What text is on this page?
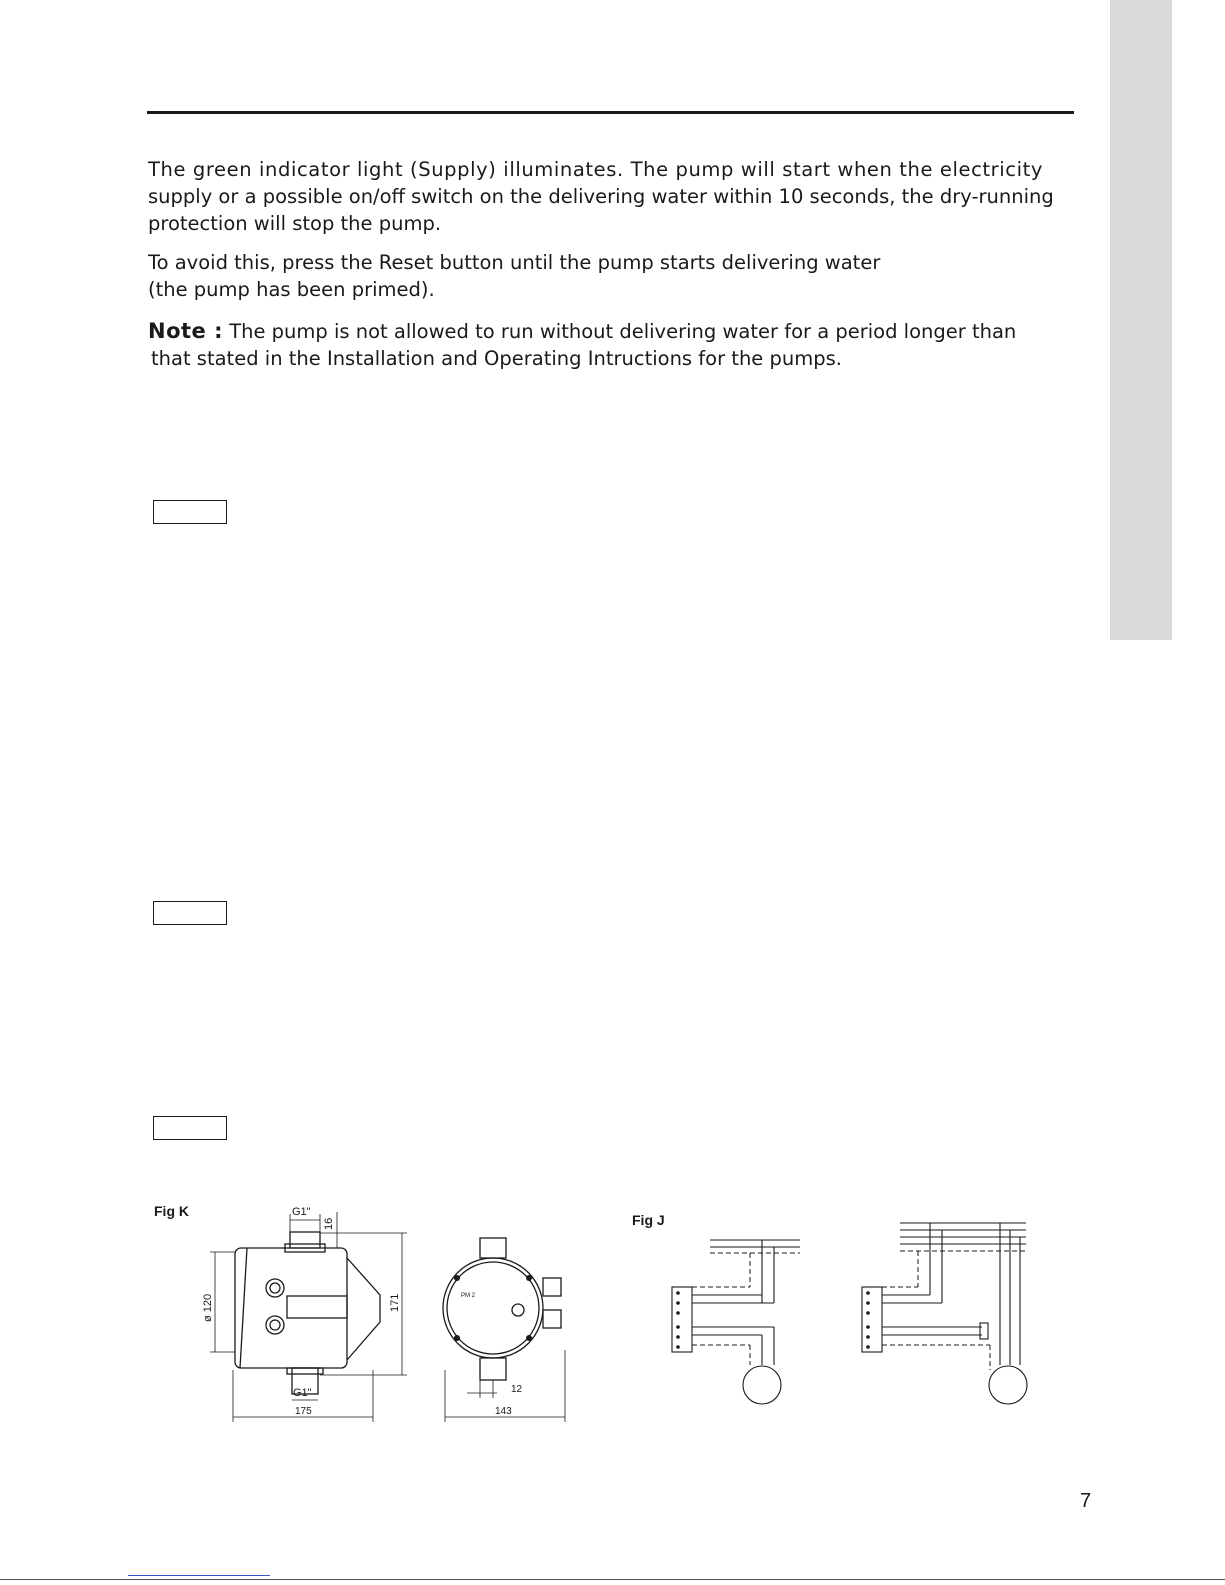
The green indicator light (Supply) illuminates. The pump will start when the electricity
supply or a possible on/off switch on the delivering water within 10 seconds, the dry-running
protection will stop the pump.

To avoid this, press the Reset button until the pump starts delivering water
(the pump has been primed).

Note : The pump is not allowed to run without delivering water for a period longer than
that stated in the Installation and Operating Intructions for the pumps.

Fig K
Fig J
G1"
16
ø 120	171
G1"
175
12
143
PM 2
7
